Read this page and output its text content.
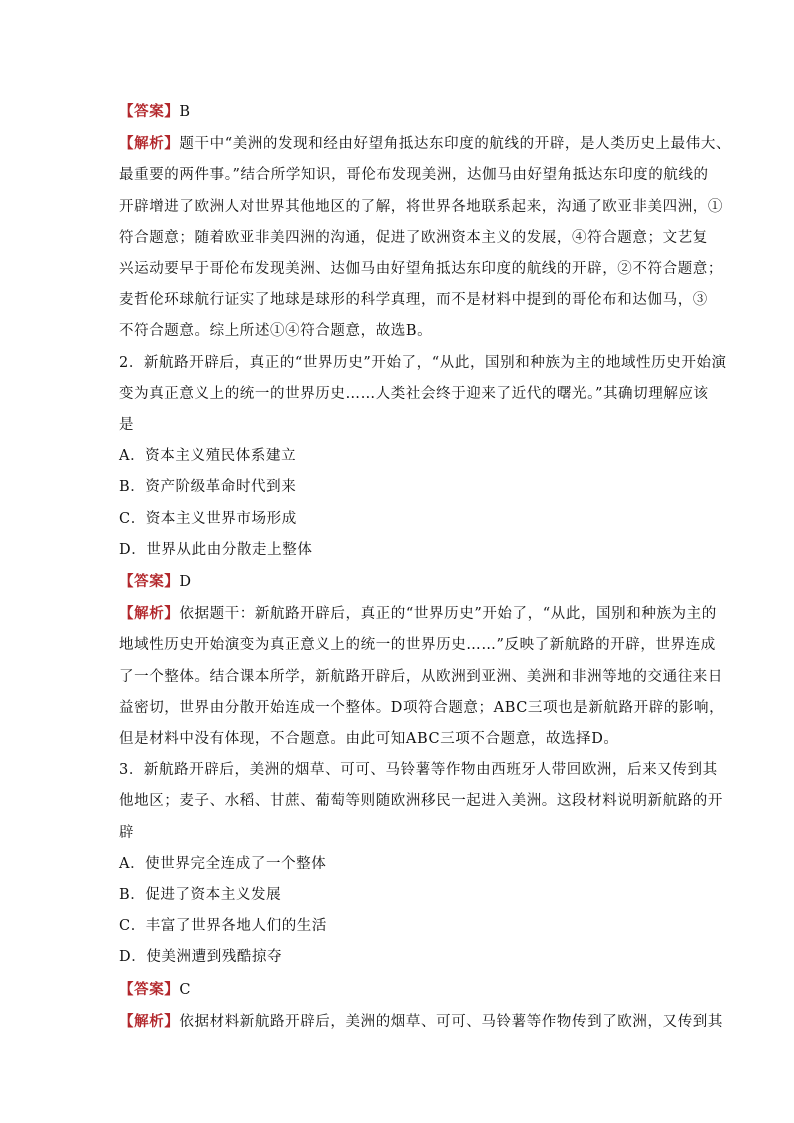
【答案】B
【解析】题干中“美洲的发现和经由好望角抵达东印度的航线的开辟，是人类历史上最伟大、
最重要的两件事。”结合所学知识，哥伦布发现美洲，达伽马由好望角抵达东印度的航线的
开辟增进了欧洲人对世界其他地区的了解，将世界各地联系起来，沟通了欧亚非美四洲，①
符合题意；随着欧亚非美四洲的沟通，促进了欧洲资本主义的发展，④符合题意；文艺复
兴运动要早于哥伦布发现美洲、达伽马由好望角抵达东印度的航线的开辟，②不符合题意；
麦哲伦环球航行证实了地球是球形的科学真理，而不是材料中提到的哥伦布和达伽马，③
不符合题意。综上所述①④符合题意，故选B。
2．新航路开辟后，真正的“世界历史”开始了，“从此，国别和种族为主的地域性历史开始演
变为真正意义上的统一的世界历史……人类社会终于迎来了近代的曙光。”其确切理解应该
是
A．资本主义殖民体系建立
B．资产阶级革命时代到来
C．资本主义世界市场形成
D．世界从此由分散走上整体
【答案】D
【解析】依据题干：新航路开辟后，真正的“世界历史”开始了，“从此，国别和种族为主的
地域性历史开始演变为真正意义上的统一的世界历史……”反映了新航路的开辟，世界连成
了一个整体。结合课本所学，新航路开辟后，从欧洲到亚洲、美洲和非洲等地的交通往来日
益密切，世界由分散开始连成一个整体。D项符合题意；ABC三项也是新航路开辟的影响，
但是材料中没有体现，不合题意。由此可知ABC三项不合题意，故选择D。
3．新航路开辟后，美洲的烟草、可可、马铃薯等作物由西班牙人带回欧洲，后来又传到其
他地区；麦子、水稻、甘蔗、葡萄等则随欧洲移民一起进入美洲。这段材料说明新航路的开
辟
A．使世界完全连成了一个整体
B．促进了资本主义发展
C．丰富了世界各地人们的生活
D．使美洲遭到残酷掠夺
【答案】C
【解析】依据材料新航路开辟后，美洲的烟草、可可、马铃薯等作物传到了欧洲，又传到其
